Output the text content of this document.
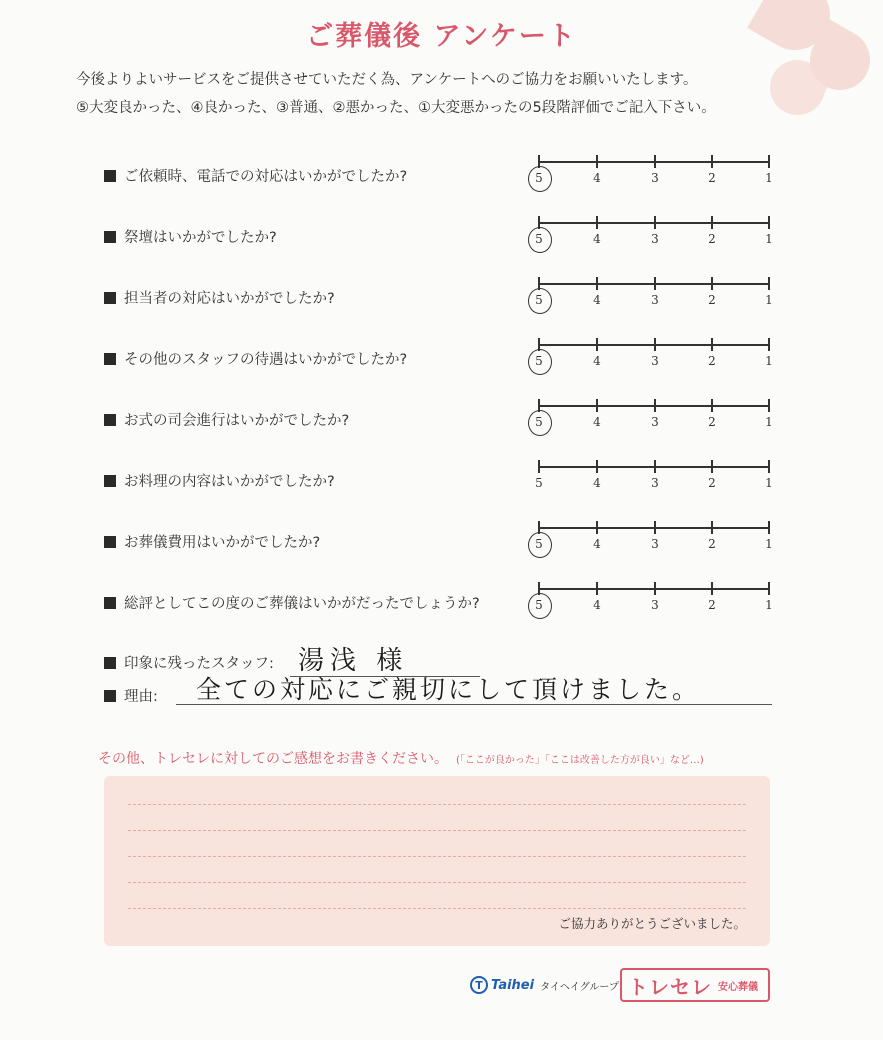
ご葬儀後 アンケート
今後よりよいサービスをご提供させていただく為、アンケートへのご協力をお願いいたします。
⑤大変良かった、④良かった、③普通、②悪かった、①大変悪かったの5段階評価でご記入下さい。
ご依頼時、電話での対応はいかがでしたか?	5	4	3	2	1
祭壇はいかがでしたか?	5	4	3	2	1
担当者の対応はいかがでしたか?	5	4	3	2	1
その他のスタッフの待遇はいかがでしたか?	5	4	3	2	1
お式の司会進行はいかがでしたか?	5	4	3	2	1
お料理の内容はいかがでしたか?	5	4	3	2	1
お葬儀費用はいかがでしたか?	5	4	3	2	1
総評としてこの度のご葬儀はいかがだったでしょうか?	5	4	3	2	1
印象に残ったスタッフ: 湯浅 様
理由: 全ての対応にご親切にして頂けました。
その他、トレセレに対してのご感想をお書きください。 (「ここが良かった」「ここは改善した方が良い」など…)
ご協力ありがとうございました。
T Taihei タイヘイグループ トレセレ 安心葬儀
